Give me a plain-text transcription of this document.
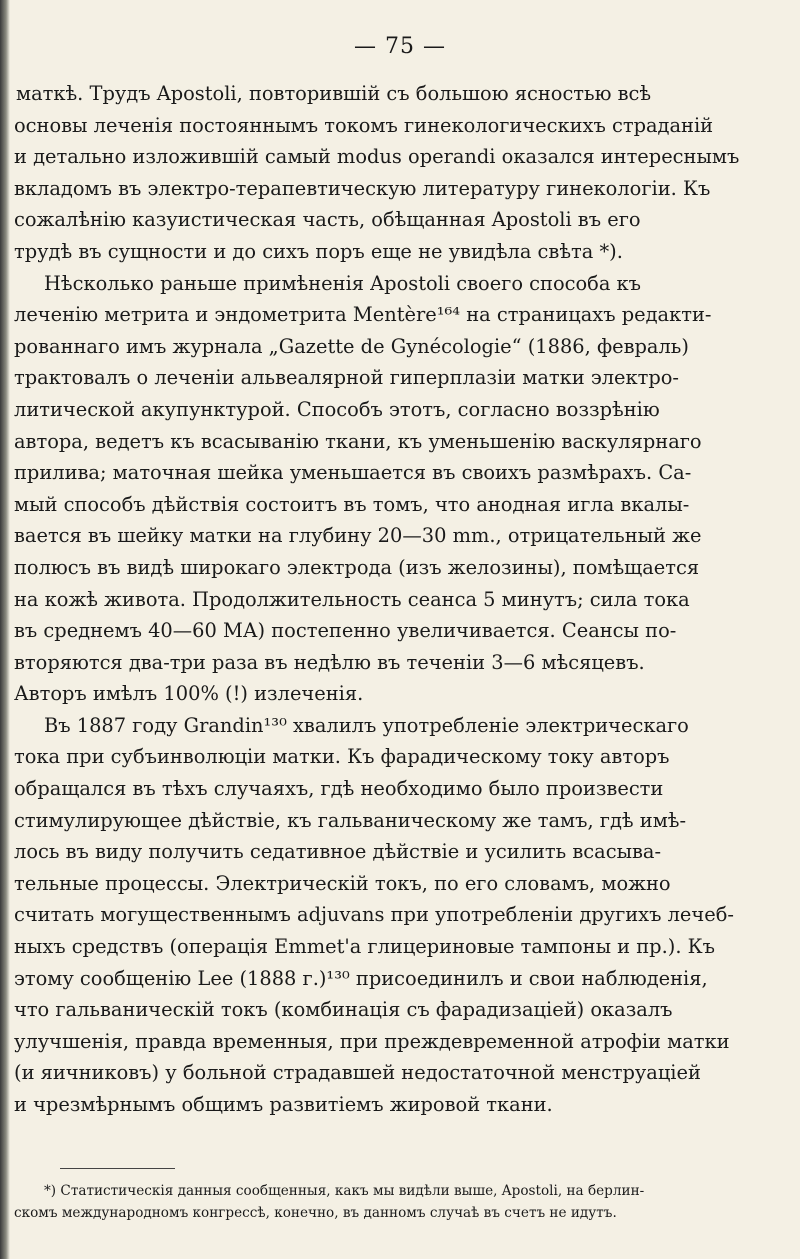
— 75 —
маткѣ. Трудъ Apostoli, повторившій съ большою ясностью всѣ
основы леченія постояннымъ токомъ гинекологическихъ страданій
и детально изложившій самый modus operandi оказался интереснымъ
вкладомъ въ электро-терапевтическую литературу гинекологіи. Къ
сожалѣнію казуистическая часть, обѣщанная Apostoli въ его
трудѣ въ сущности и до сихъ поръ еще не увидѣла свѣта *).
Нѣсколько раньше примѣненія Apostoli своего способа къ
леченію метрита и эндометрита Mentère¹⁶⁴ на страницахъ редакти-
рованнаго имъ журнала „Gazette de Gynécologie“ (1886, февраль)
трактовалъ о леченіи альвеалярной гиперплазіи матки электро-
литической акупунктурой. Способъ этотъ, согласно воззрѣнію
автора, ведетъ къ всасыванію ткани, къ уменьшенію васкулярнаго
прилива; маточная шейка уменьшается въ своихъ размѣрахъ. Са-
мый способъ дѣйствія состоитъ въ томъ, что анодная игла вкалы-
вается въ шейку матки на глубину 20—30 mm., отрицательный же
полюсъ въ видѣ широкаго электрода (изъ желозины), помѣщается
на кожѣ живота. Продолжительность сеанса 5 минутъ; сила тока
въ среднемъ 40—60 МА) постепенно увеличивается. Сеансы по-
вторяются два-три раза въ недѣлю въ теченіи 3—6 мѣсяцевъ.
Авторъ имѣлъ 100% (!) излеченія.
Въ 1887 году Grandin¹³⁰ хвалилъ употребленіе электрическаго
тока при субъинволюціи матки. Къ фарадическому току авторъ
обращался въ тѣхъ случаяхъ, гдѣ необходимо было произвести
стимулирующее дѣйствіе, къ гальваническому же тамъ, гдѣ имѣ-
лось въ виду получить седативное дѣйствіе и усилить всасыва-
тельные процессы. Электрическій токъ, по его словамъ, можно
считать могущественнымъ adjuvans при употребленіи другихъ лечеб-
ныхъ средствъ (операція Emmet'а глицериновые тампоны и пр.). Къ
этому сообщенію Lee (1888 г.)¹³⁰ присоединилъ и свои наблюденія,
что гальваническій токъ (комбинація съ фарадизаціей) оказалъ
улучшенія, правда временныя, при преждевременной атрофіи матки
(и яичниковъ) у больной страдавшей недостаточной менструаціей
и чрезмѣрнымъ общимъ развитіемъ жировой ткани.
*) Статистическія данныя сообщенныя, какъ мы видѣли выше, Apostoli, на берлин-
скомъ международномъ конгрессѣ, конечно, въ данномъ случаѣ въ счетъ не идутъ.
